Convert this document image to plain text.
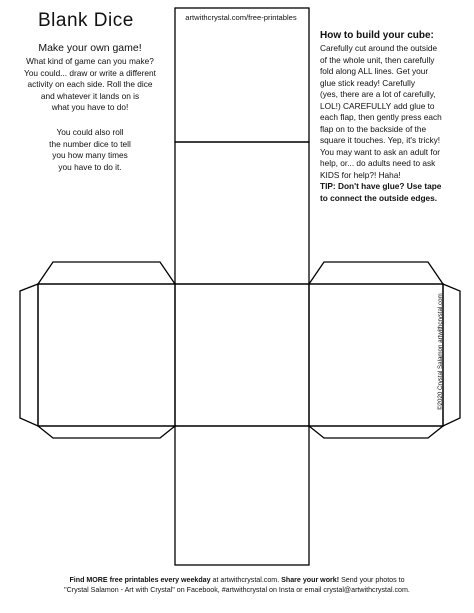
Blank Dice

Make your own game!

What kind of game can you make?

You could... draw or write a different

activity on each side. Roll the dice

and whatever it lands on is

what you have to do!

You could also roll

the number dice to tell

you how many times

you have to do it.

artwithcrystal.com/free-printables
How to build your cube:
Carefully cut around the outside
of the whole unit, then carefully
fold along ALL lines. Get your
glue stick ready! Carefully
(yes, there are a lot of carefully,
LOL!) CAREFULLY add glue to
each flap, then gently press each
flap on to the backside of the
square it touches. Yep, it's tricky!
You may want to ask an adult for
help, or... do adults need to ask
KIDS for help?! Haha!
TIP: Don't have glue? Use tape
to connect the outside edges.
©2020 Crystal Salamon artwithcrystal.com
Find MORE free printables every weekday at artwithcrystal.com. Share your work! Send your photos to
"Crystal Salamon - Art with Crystal" on Facebook, #artwithcrystal on Insta or email crystal@artwithcrystal.com.
